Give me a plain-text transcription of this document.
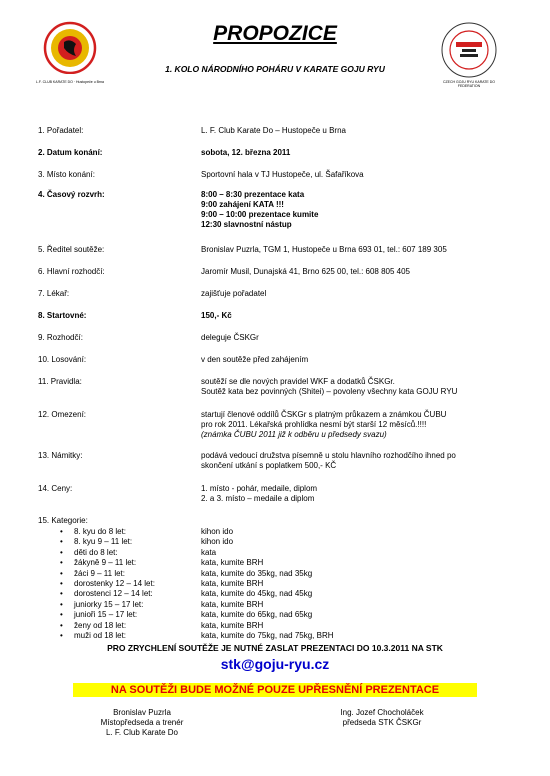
L.F. CLUB KARATE DO · Hustopeče u Brna	CZECH GOJU RYU KARATE DO FEDERATION
PROPOZICE
1. KOLO NÁRODNÍHO POHÁRU V KARATE GOJU RYU
1. Pořadatel:	L. F. Club Karate Do – Hustopeče u Brna
2. Datum konání:	sobota, 12. března 2011
3. Místo konání:	Sportovní hala v TJ Hustopeče, ul. Šafaříkova
4. Časový rozvrh:	8:00 – 8:30 prezentace kata
9:00 zahájení KATA !!!
9:00 – 10:00 prezentace kumite
12:30 slavnostní nástup
5. Ředitel soutěže:	Bronislav Puzrla, TGM 1, Hustopeče u Brna 693 01, tel.: 607 189 305
6. Hlavní rozhodčí:	Jaromír Musil, Dunajská 41, Brno 625 00, tel.: 608 805 405
7. Lékař:	zajišťuje pořadatel
8. Startovné:	150,- Kč
9. Rozhodčí:	deleguje ČSKGr
10. Losování:	v den soutěže před zahájením
11. Pravidla:	soutěží se dle nových pravidel WKF a dodatků ČSKGr.
Soutěž kata bez povinných (Shitei) – povoleny všechny kata GOJU RYU
12. Omezení:	startují členové oddílů ČSKGr s platným průkazem a známkou ČUBU
pro rok 2011. Lékařská prohlídka nesmí být starší 12 měsíců.!!!!
(známka ČUBU 2011 již k odběru u předsedy svazu)
13. Námitky:	podává vedoucí družstva písemně u stolu hlavního rozhodčího ihned po
skončení utkání s poplatkem 500,- KČ
14. Ceny:	1. místo - pohár, medaile, diplom
2. a 3. místo – medaile a diplom
15. Kategorie:
• 8. kyu do 8 let:	kihon ido
• 8. kyu 9 – 11 let:	kihon ido
• děti do 8 let:	kata
• žákyně 9 – 11 let:	kata, kumite BRH
• žáci 9 – 11 let:	kata, kumite do 35kg, nad 35kg
• dorostenky 12 – 14 let:	kata, kumite BRH
• dorostenci 12 – 14 let:	kata, kumite do 45kg, nad 45kg
• juniorky 15 – 17 let:	kata, kumite BRH
• junioři 15 – 17 let:	kata, kumite do 65kg, nad 65kg
• ženy od 18 let:	kata, kumite BRH
• muži od 18 let:	kata, kumite do 75kg, nad 75kg, BRH
PRO ZRYCHLENÍ SOUTĚŽE JE NUTNÉ ZASLAT PREZENTACI DO 10.3.2011 NA STK
stk@goju-ryu.cz
NA SOUTĚŽI BUDE MOŽNÉ POUZE UPŘESNĚNÍ PREZENTACE
Bronislav Puzrla
Místopředseda a trenér
L. F. Club Karate Do
Ing. Jozef Chocholáček
předseda STK ČSKGr
